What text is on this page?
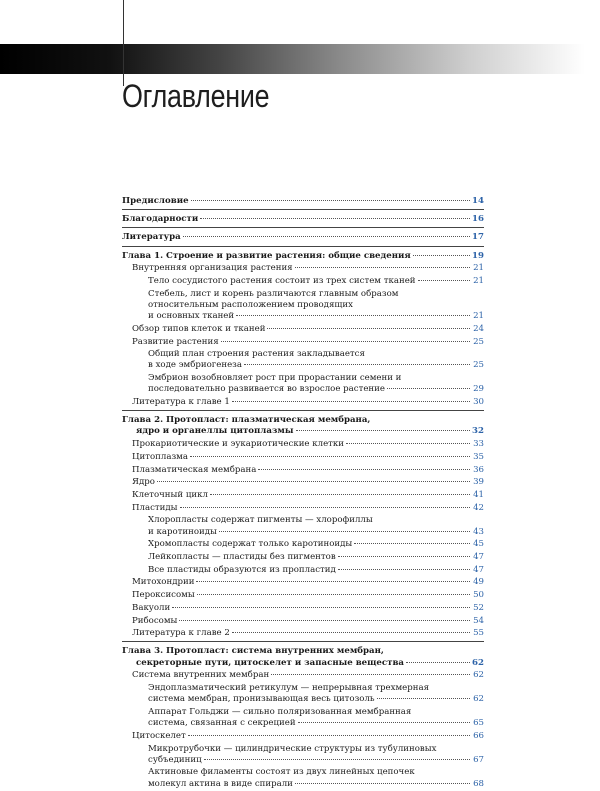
Оглавление
Предисловие	14
Благодарности	16
Литература	17
Глава 1. Строение и развитие растения: общие сведения	19
Внутренняя организация растения	21
Тело сосудистого растения состоит из трех систем тканей	21
Стебель, лист и корень различаются главным образом
относительным расположением проводящих
и основных тканей	21
Обзор типов клеток и тканей	24
Развитие растения	25
Общий план строения растения закладывается
в ходе эмбриогенеза	25
Эмбрион возобновляет рост при прорастании семени и
последовательно развивается во взрослое растение	29
Литература к главе 1	30
Глава 2. Протопласт: плазматическая мембрана,
ядро и органеллы цитоплазмы	32
Прокариотические и эукариотические клетки	33
Цитоплазма	35
Плазматическая мембрана	36
Ядро	39
Клеточный цикл	41
Пластиды	42
Хлоропласты содержат пигменты — хлорофиллы
и каротиноиды	43
Хромопласты содержат только каротиноиды	45
Лейкопласты — пластиды без пигментов	47
Все пластиды образуются из пропластид	47
Митохондрии	49
Пероксисомы	50
Вакуоли	52
Рибосомы	54
Литература к главе 2	55
Глава 3. Протопласт: система внутренних мембран,
секреторные пути, цитоскелет и запасные вещества	62
Система внутренних мембран	62
Эндоплазматический ретикулум — непрерывная трехмерная
система мембран, пронизывающая весь цитозоль	62
Аппарат Гольджи — сильно поляризованная мембранная
система, связанная с секрецией	65
Цитоскелет	66
Микротрубочки — цилиндрические структуры из тубулиновых
субъединиц	67
Актиновые филаменты состоят из двух линейных цепочек
молекул актина в виде спирали	68
